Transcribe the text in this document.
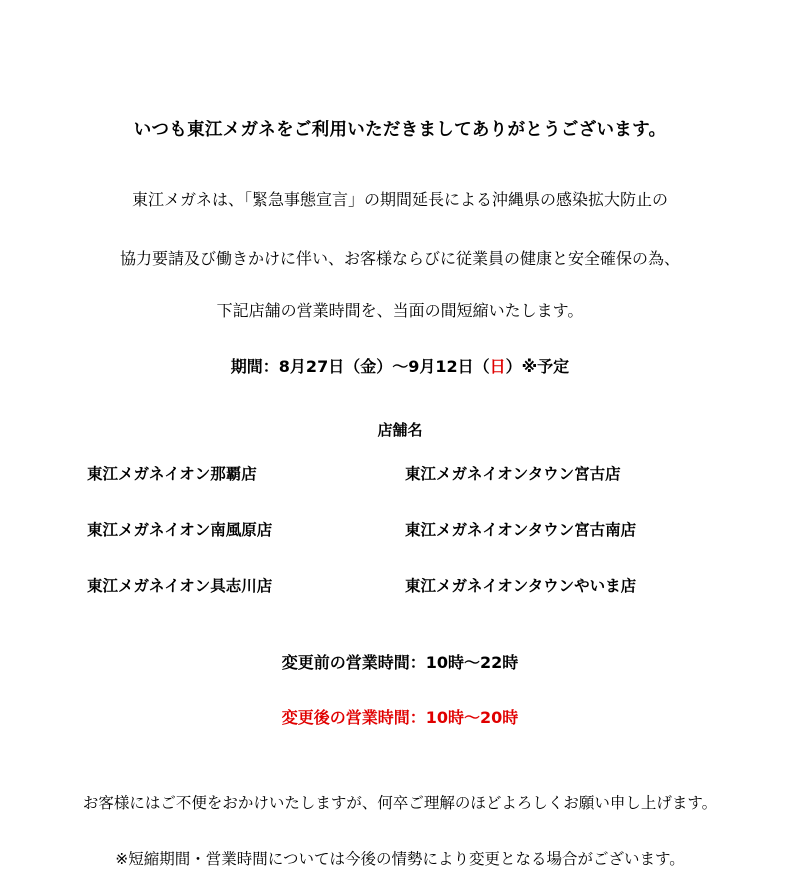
いつも東江メガネをご利用いただきましてありがとうございます。
東江メガネは、「緊急事態宣言」の期間延長による沖縄県の感染拡大防止の
協力要請及び働きかけに伴い、お客様ならびに従業員の健康と安全確保の為、
下記店舗の営業時間を、当面の間短縮いたします。
期間：8月27日（金）～9月12日（日）※予定
店舗名
東江メガネイオン那覇店
東江メガネイオン南風原店
東江メガネイオン具志川店
東江メガネイオンタウン宮古店
東江メガネイオンタウン宮古南店
東江メガネイオンタウンやいま店
変更前の営業時間：10時～22時
変更後の営業時間：10時～20時
お客様にはご不便をおかけいたしますが、何卒ご理解のほどよろしくお願い申し上げます。
※短縮期間・営業時間については今後の情勢により変更となる場合がございます。
